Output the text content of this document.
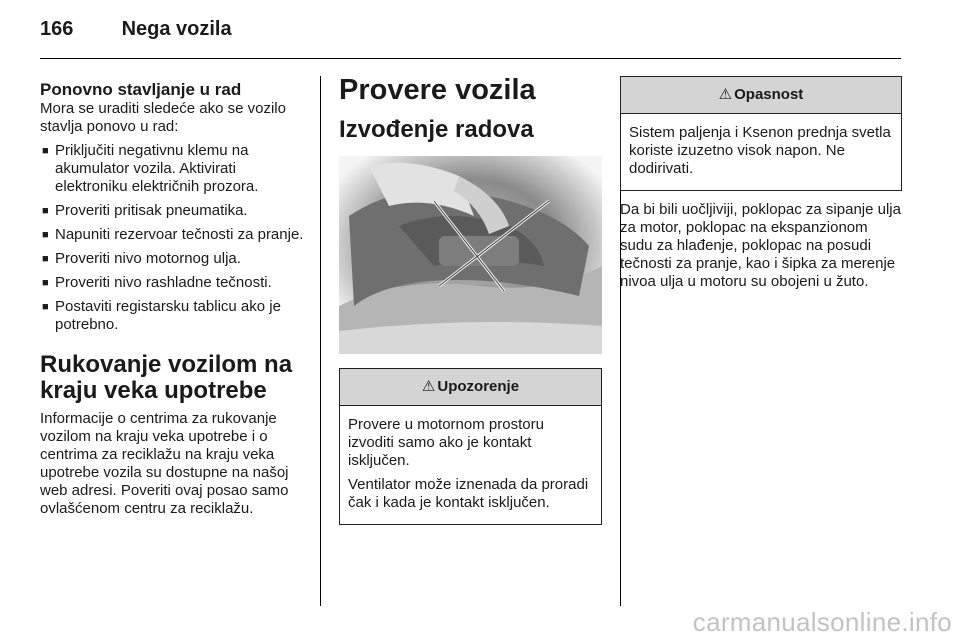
166 Nega vozila
Ponovno stavljanje u rad

Mora se uraditi sledeće ako se vozilo stavlja ponovo u rad:

■ Priključiti negativnu klemu na akumulator vozila. Aktivirati elektroniku električnih prozora.
■ Proveriti pritisak pneumatika.
■ Napuniti rezervoar tečnosti za pranje.
■ Proveriti nivo motornog ulja.
■ Proveriti nivo rashladne tečnosti.
■ Postaviti registarsku tablicu ako je potrebno.
Rukovanje vozilom na kraju veka upotrebe

Informacije o centrima za rukovanje vozilom na kraju veka upotrebe i o centrima za reciklažu na kraju veka upotrebe vozila su dostupne na našoj web adresi. Poveriti ovaj posao samo ovlašćenom centru za reciklažu.

Provere vozila
Izvođenje radova
⚠ Upozorenje

Provere u motornom prostoru izvoditi samo ako je kontakt isključen.

Ventilator može iznenada da proradi čak i kada je kontakt isključen.

⚠ Opasnost

Sistem paljenja i Ksenon prednja svetla koriste izuzetno visok napon. Ne dodirivati.

Da bi bili uočljiviji, poklopac za sipanje ulja za motor, poklopac na ekspanzionom sudu za hlađenje, poklopac na posudi tečnosti za pranje, kao i šipka za merenje nivoa ulja u motoru su obojeni u žuto.

carmanualsonline.info
